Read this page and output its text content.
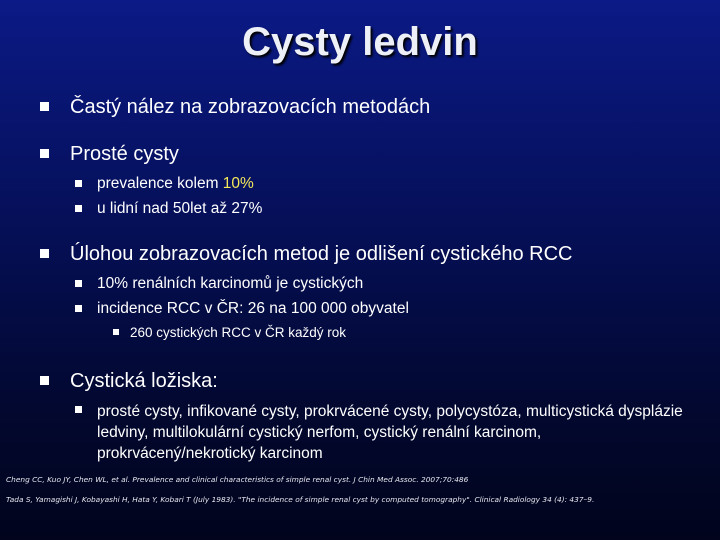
Cysty ledvin
Častý nález na zobrazovacích metodách
Prosté cysty
prevalence kolem 10%
u lidní nad 50let až 27%
Úlohou zobrazovacích metod je odlišení cystického RCC
10% renálních karcinomů je cystických
incidence RCC v ČR: 26 na 100 000 obyvatel
260 cystických RCC v ČR každý rok
Cystická ložiska:
prosté cysty, infikované cysty, prokrvácené cysty, polycystóza, multicystická dysplázie ledviny, multilokulární cystický nerfom, cystický renální karcinom, prokrvácený/nekrotický karcinom
Cheng CC, Kuo JY, Chen WL, et al. Prevalence and clinical characteristics of simple renal cyst. J Chin Med Assoc. 2007;70:486
Tada S, Yamagishi J, Kobayashi H, Hata Y, Kobari T (July 1983). "The incidence of simple renal cyst by computed tomography". Clinical Radiology 34 (4): 437–9.
